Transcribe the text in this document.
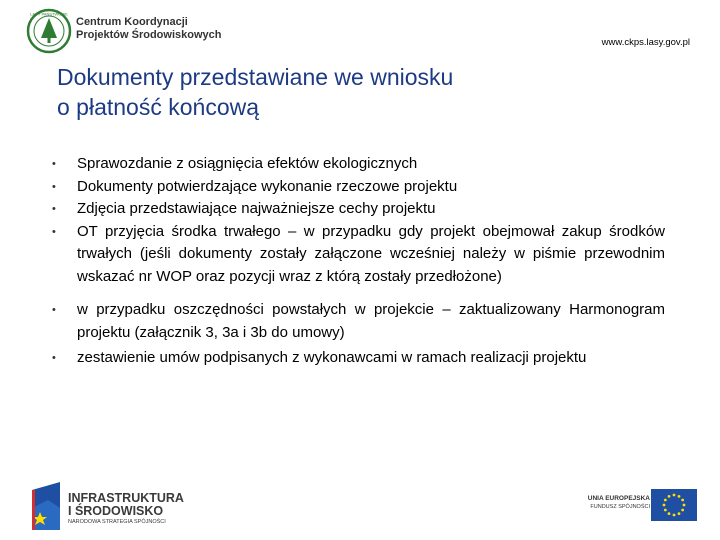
LASY PAŃSTWOWE
Centrum Koordynacji
Projektów Środowiskowych
www.ckps.lasy.gov.pl
Dokumenty przedstawiane we wniosku
o płatność końcową
• Sprawozdanie z osiągnięcia efektów ekologicznych
• Dokumenty potwierdzające wykonanie rzeczowe projektu
• Zdjęcia przedstawiające najważniejsze cechy projektu
• OT przyjęcia środka trwałego – w przypadku gdy projekt obejmował zakup środków trwałych (jeśli dokumenty zostały załączone wcześniej należy w piśmie przewodnim wskazać nr WOP oraz pozycji wraz z którą zostały przedłożone)
• w przypadku oszczędności powstałych w projekcie – zaktualizowany Harmonogram projektu (załącznik 3, 3a i 3b do umowy)
• zestawienie umów podpisanych z wykonawcami w ramach realizacji projektu
INFRASTRUKTURA
I ŚRODOWISKO
NARODOWA STRATEGIA SPÓJNOŚCI
UNIA EUROPEJSKA
FUNDUSZ SPÓJNOŚCI
